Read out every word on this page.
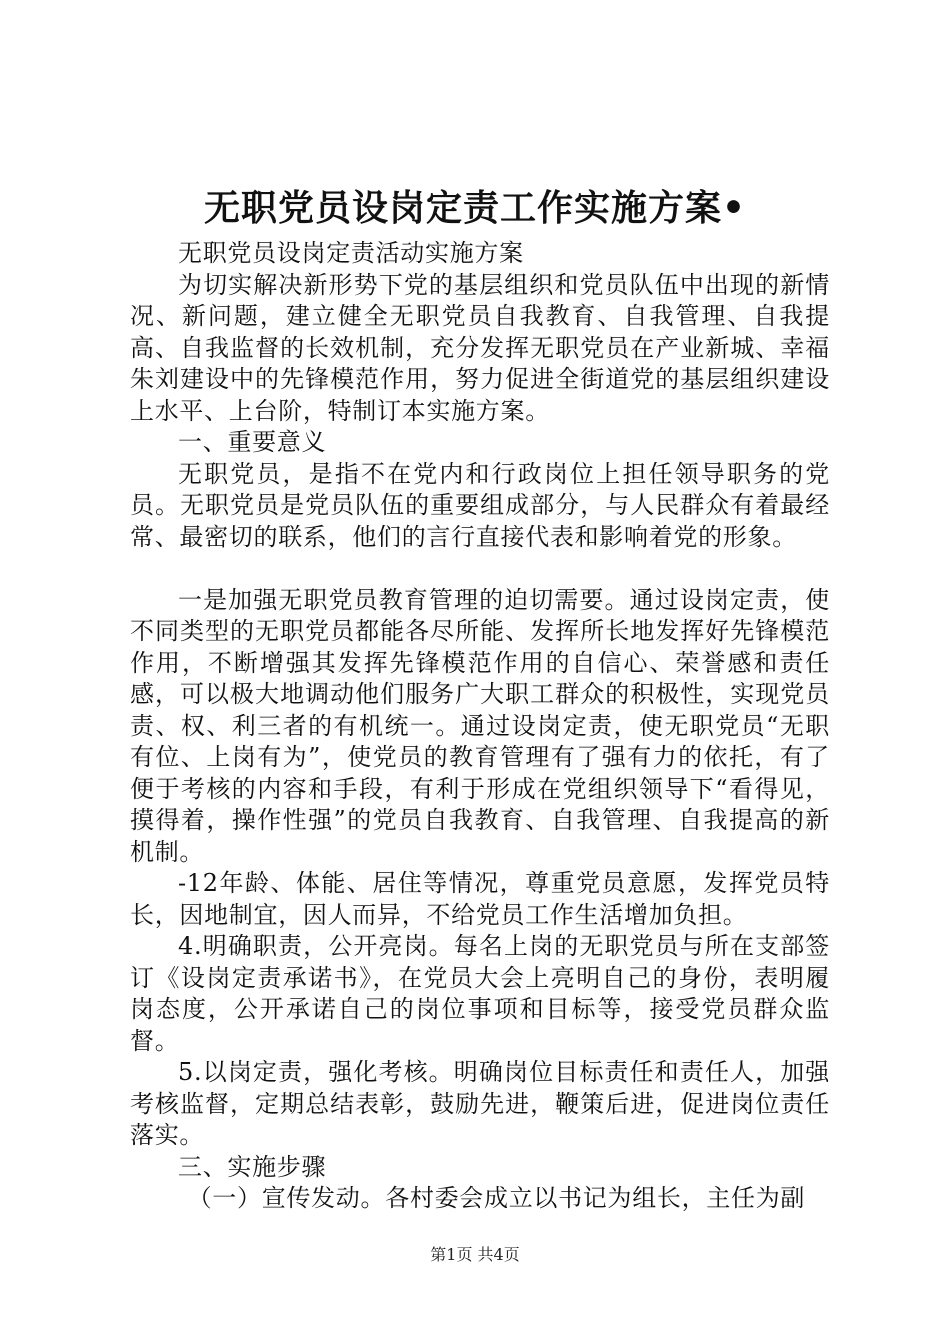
无职党员设岗定责工作实施方案•

无职党员设岗定责活动实施方案

为切实解决新形势下党的基层组织和党员队伍中出现的新情况、新问题，建立健全无职党员自我教育、自我管理、自我提高、自我监督的长效机制，充分发挥无职党员在产业新城、幸福朱刘建设中的先锋模范作用，努力促进全街道党的基层组织建设上水平、上台阶，特制订本实施方案。

一、重要意义

无职党员，是指不在党内和行政岗位上担任领导职务的党员。无职党员是党员队伍的重要组成部分，与人民群众有着最经常、最密切的联系，他们的言行直接代表和影响着党的形象。

一是加强无职党员教育管理的迫切需要。通过设岗定责，使不同类型的无职党员都能各尽所能、发挥所长地发挥好先锋模范作用，不断增强其发挥先锋模范作用的自信心、荣誉感和责任感，可以极大地调动他们服务广大职工群众的积极性，实现党员责、权、利三者的有机统一。通过设岗定责，使无职党员“无职有位、上岗有为”，使党员的教育管理有了强有力的依托，有了便于考核的内容和手段，有利于形成在党组织领导下“看得见，摸得着，操作性强”的党员自我教育、自我管理、自我提高的新机制。

-12年龄、体能、居住等情况，尊重党员意愿，发挥党员特长，因地制宜，因人而异，不给党员工作生活增加负担。

4.明确职责，公开亮岗。每名上岗的无职党员与所在支部签订《设岗定责承诺书》，在党员大会上亮明自己的身份，表明履岗态度，公开承诺自己的岗位事项和目标等，接受党员群众监督。

5.以岗定责，强化考核。明确岗位目标责任和责任人，加强考核监督，定期总结表彰，鼓励先进，鞭策后进，促进岗位责任落实。

三、实施步骤

（一）宣传发动。各村委会成立以书记为组长，主任为副

第1页 共4页
